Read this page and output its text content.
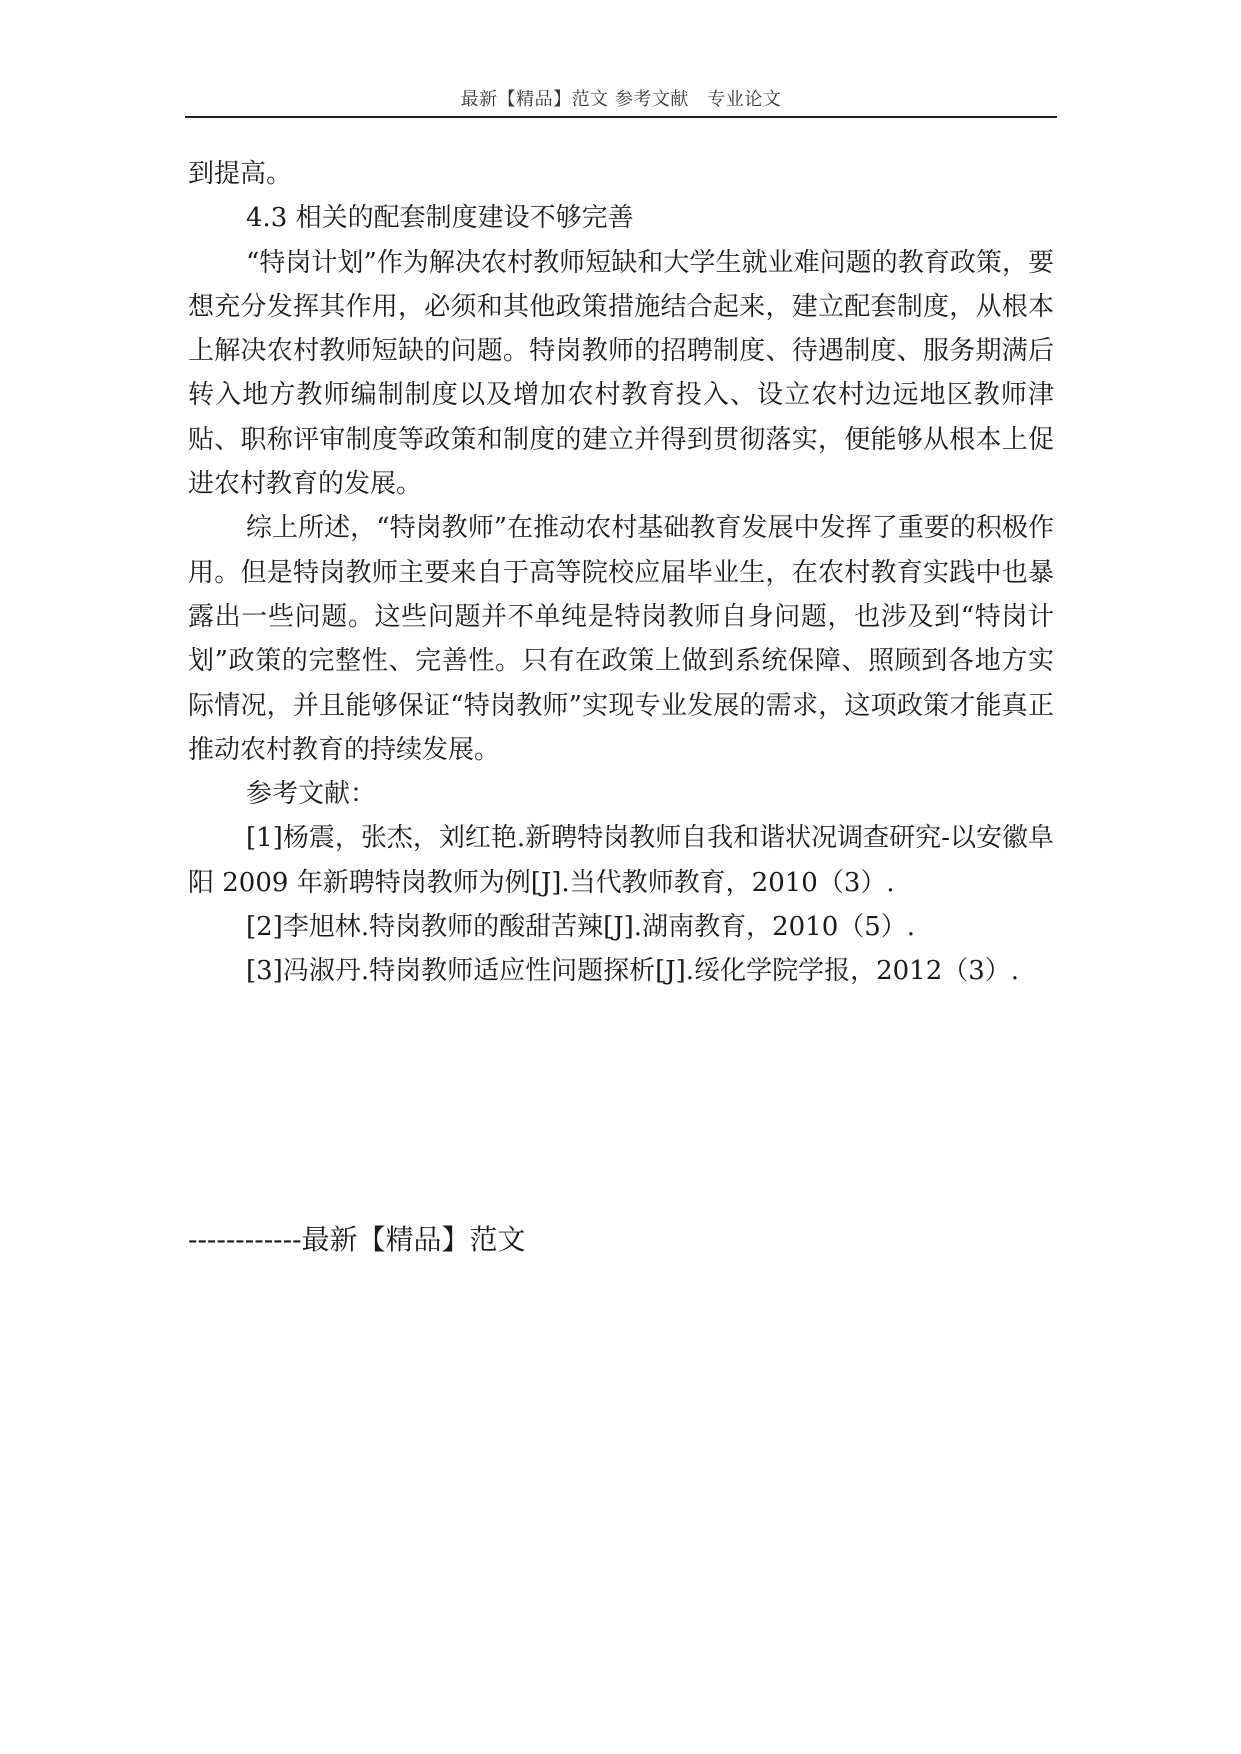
最新【精品】范文 参考文献　专业论文

到提高。

4.3 相关的配套制度建设不够完善

“特岗计划”作为解决农村教师短缺和大学生就业难问题的教育政策，要想充分发挥其作用，必须和其他政策措施结合起来，建立配套制度，从根本上解决农村教师短缺的问题。特岗教师的招聘制度、待遇制度、服务期满后转入地方教师编制制度以及增加农村教育投入、设立农村边远地区教师津贴、职称评审制度等政策和制度的建立并得到贯彻落实，便能够从根本上促进农村教育的发展。

综上所述，“特岗教师”在推动农村基础教育发展中发挥了重要的积极作用。但是特岗教师主要来自于高等院校应届毕业生，在农村教育实践中也暴露出一些问题。这些问题并不单纯是特岗教师自身问题，也涉及到“特岗计划”政策的完整性、完善性。只有在政策上做到系统保障、照顾到各地方实际情况，并且能够保证“特岗教师”实现专业发展的需求，这项政策才能真正推动农村教育的持续发展。

参考文献：

[1]杨震，张杰，刘红艳.新聘特岗教师自我和谐状况调查研究-以安徽阜阳 2009 年新聘特岗教师为例[J].当代教师教育，2010（3）.

[2]李旭林.特岗教师的酸甜苦辣[J].湖南教育，2010（5）.

[3]冯淑丹.特岗教师适应性问题探析[J].绥化学院学报，2012（3）.

------------最新【精品】范文
